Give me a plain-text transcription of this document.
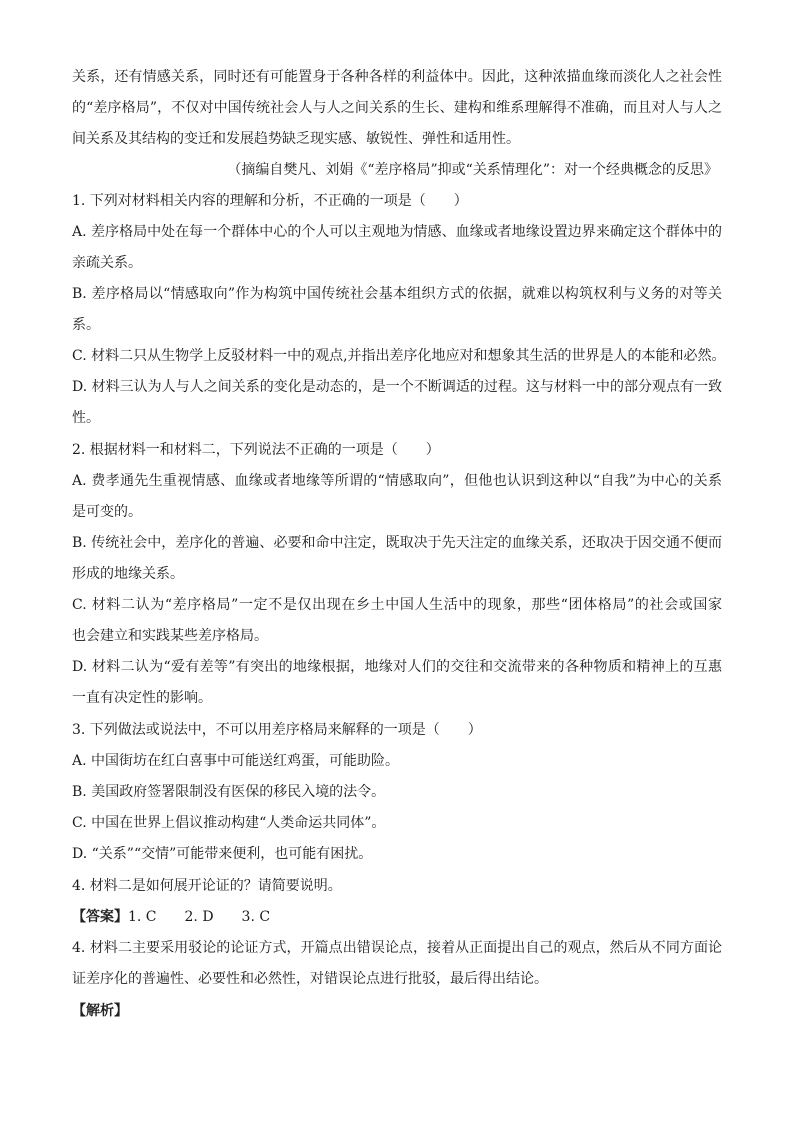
关系，还有情感关系，同时还有可能置身于各种各样的利益体中。因此，这种浓描血缘而淡化人之社会性
的“差序格局”，不仅对中国传统社会人与人之间关系的生长、建构和维系理解得不准确，而且对人与人之
间关系及其结构的变迁和发展趋势缺乏现实感、敏锐性、弹性和适用性。
（摘编自樊凡、刘娟《“差序格局”抑或“关系情理化”：对一个经典概念的反思》
1. 下列对材料相关内容的理解和分析，不正确的一项是（　　）
A. 差序格局中处在每一个群体中心的个人可以主观地为情感、血缘或者地缘设置边界来确定这个群体中的
亲疏关系。
B. 差序格局以“情感取向”作为构筑中国传统社会基本组织方式的依据，就难以构筑权利与义务的对等关
系。
C. 材料二只从生物学上反驳材料一中的观点,并指出差序化地应对和想象其生活的世界是人的本能和必然。
D. 材料三认为人与人之间关系的变化是动态的，是一个不断调适的过程。这与材料一中的部分观点有一致
性。
2. 根据材料一和材料二，下列说法不正确的一项是（　　）
A. 费孝通先生重视情感、血缘或者地缘等所谓的“情感取向”，但他也认识到这种以“自我”为中心的关系
是可变的。
B. 传统社会中，差序化的普遍、必要和命中注定，既取决于先天注定的血缘关系，还取决于因交通不便而
形成的地缘关系。
C. 材料二认为“差序格局”一定不是仅出现在乡土中国人生活中的现象，那些“团体格局”的社会或国家
也会建立和实践某些差序格局。
D. 材料二认为“爱有差等”有突出的地缘根据，地缘对人们的交往和交流带来的各种物质和精神上的互惠
一直有决定性的影响。
3. 下列做法或说法中，不可以用差序格局来解释的一项是（　　）
A. 中国街坊在红白喜事中可能送红鸡蛋，可能助险。
B. 美国政府签署限制没有医保的移民入境的法令。
C. 中国在世界上倡议推动构建“人类命运共同体”。
D. “关系”“交情”可能带来便利，也可能有困扰。
4. 材料二是如何展开论证的？请简要说明。
【答案】1. C　　2. D　　3. C
4. 材料二主要采用驳论的论证方式，开篇点出错误论点，接着从正面提出自己的观点，然后从不同方面论
证差序化的普遍性、必要性和必然性，对错误论点进行批驳，最后得出结论。
【解析】
